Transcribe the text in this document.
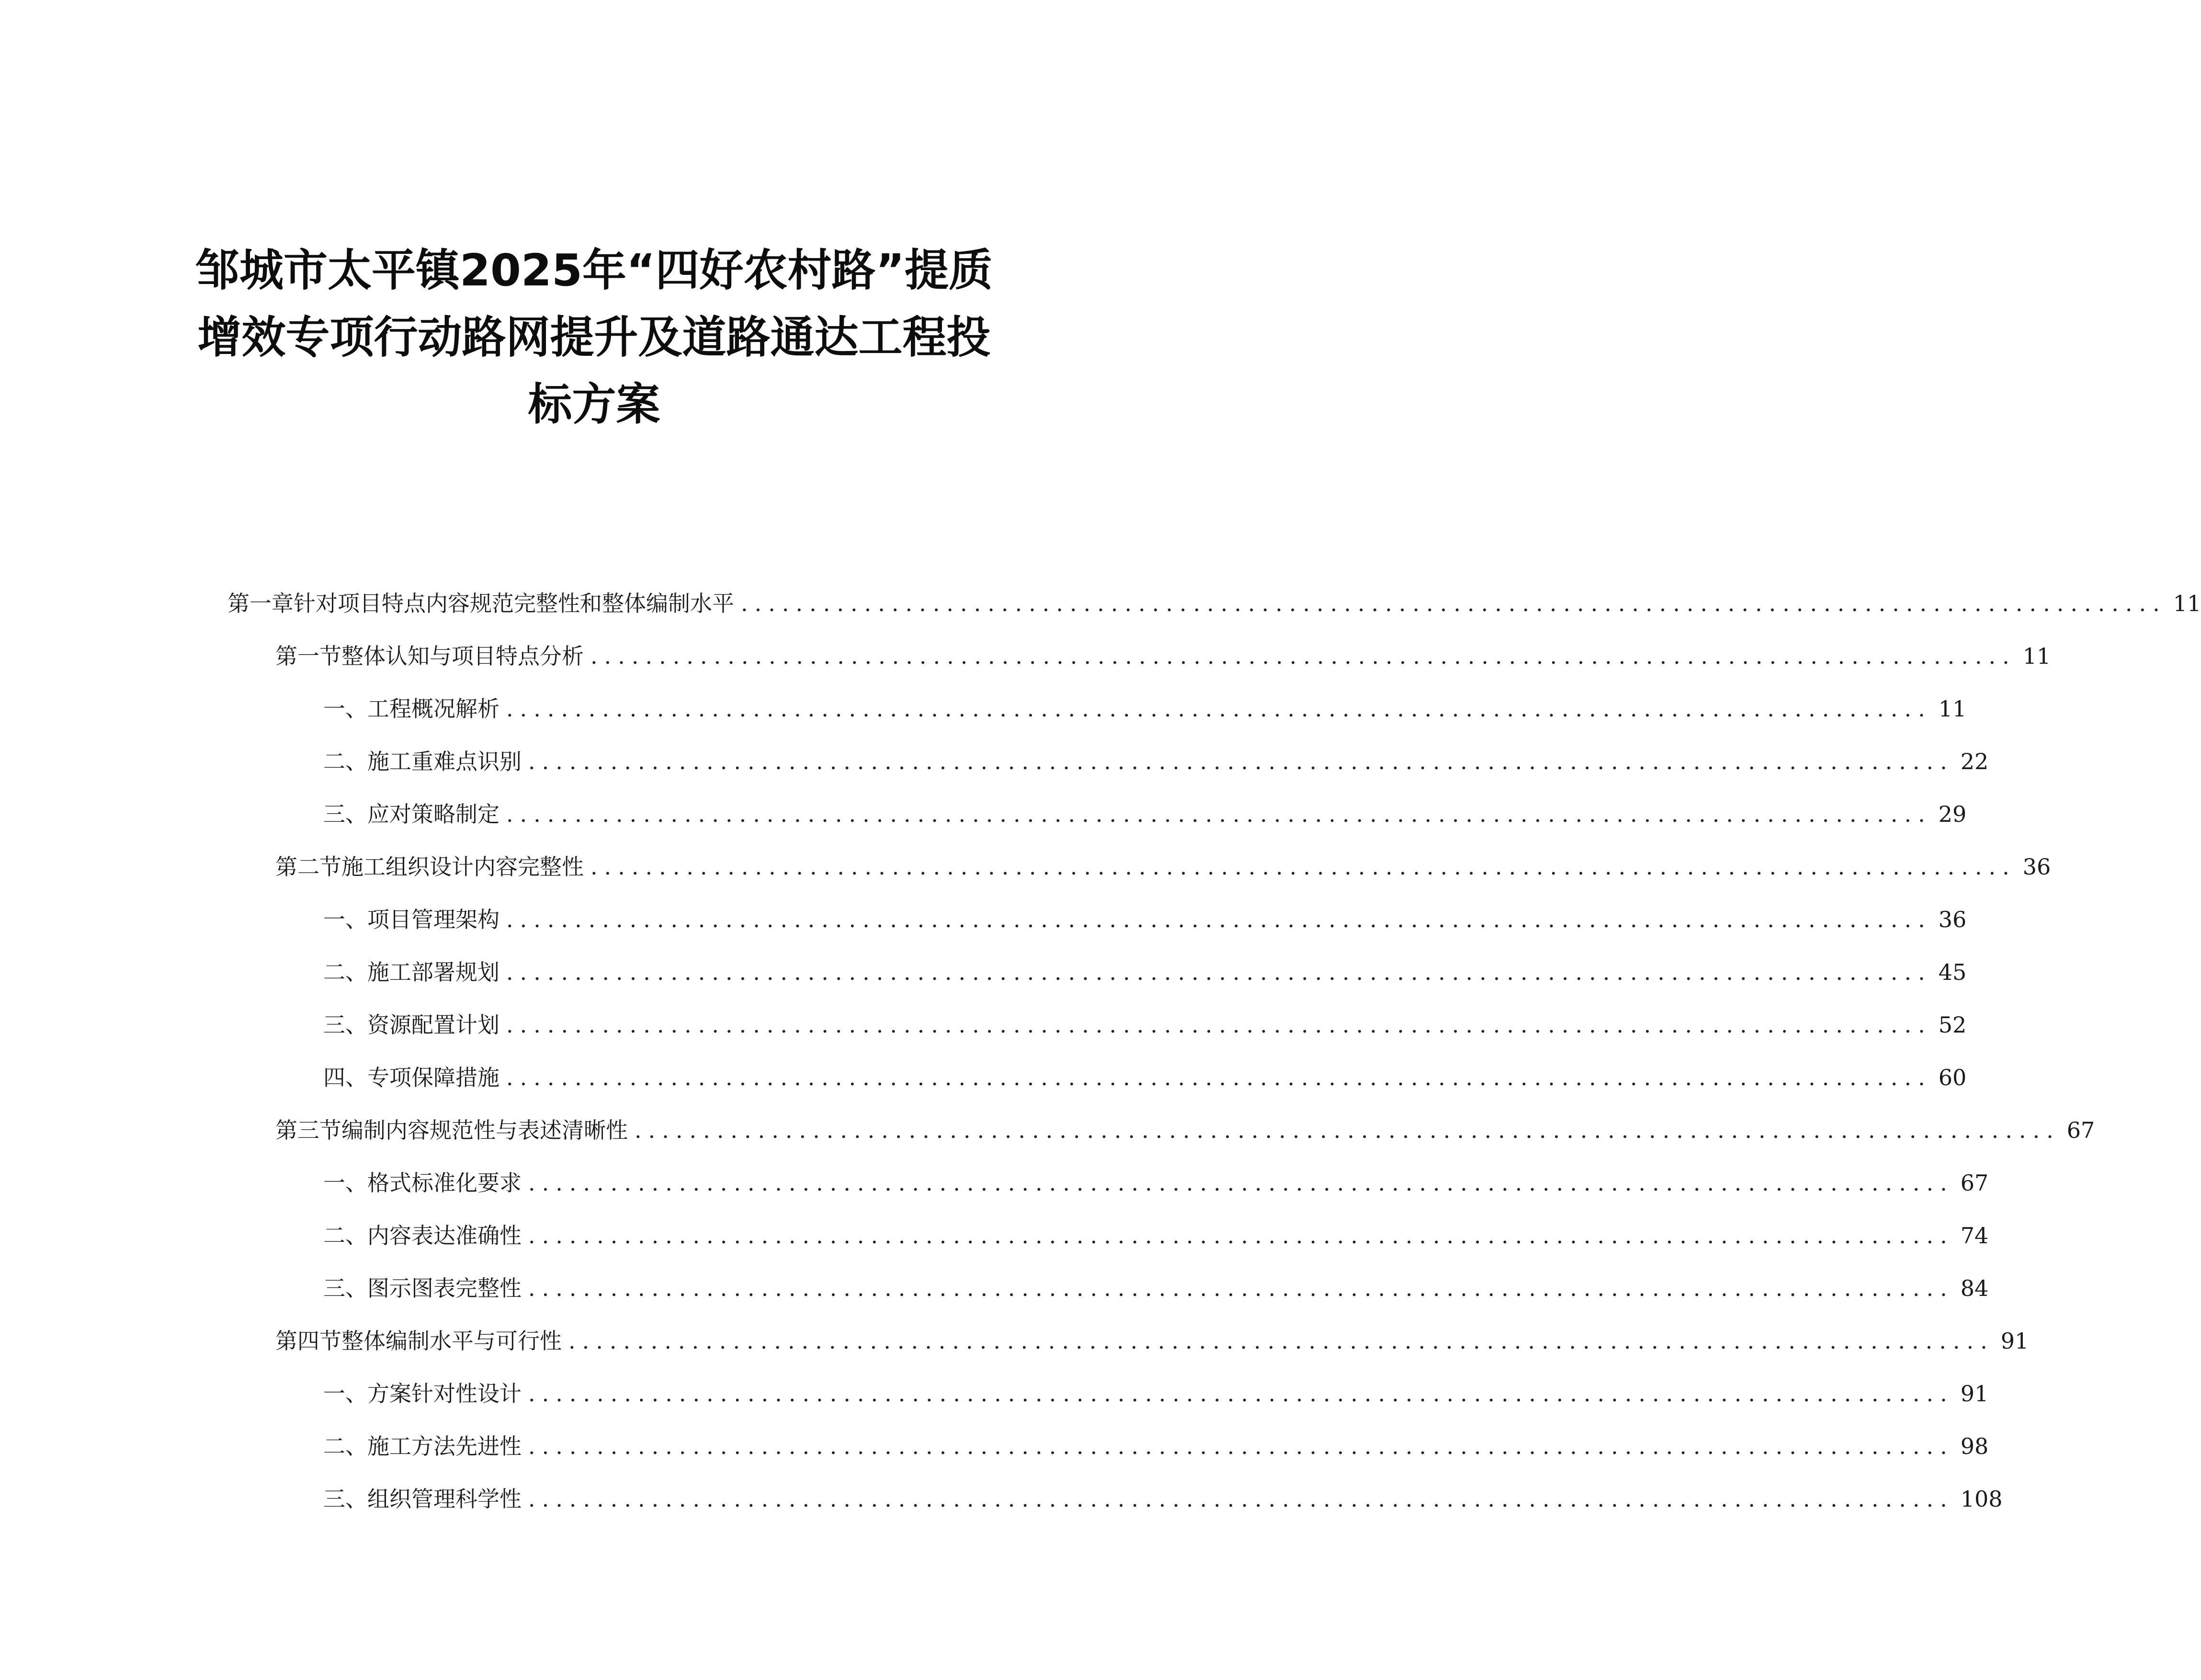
邹城市太平镇2025年“四好农村路”提质
增效专项行动路网提升及道路通达工程投
标方案
第一章 针对项目特点内容规范完整性和整体编制水平 ........................................................................................................ 11
第一节 整体认知与项目特点分析 ........................................................................................................ 11
一、 工程概况解析 ........................................................................................................ 11
二、 施工重难点识别 ........................................................................................................ 22
三、 应对策略制定 ........................................................................................................ 29
第二节 施工组织设计内容完整性 ........................................................................................................ 36
一、 项目管理架构 ........................................................................................................ 36
二、 施工部署规划 ........................................................................................................ 45
三、 资源配置计划 ........................................................................................................ 52
四、 专项保障措施 ........................................................................................................ 60
第三节 编制内容规范性与表述清晰性 ........................................................................................................ 67
一、 格式标准化要求 ........................................................................................................ 67
二、 内容表达准确性 ........................................................................................................ 74
三、 图示图表完整性 ........................................................................................................ 84
第四节 整体编制水平与可行性 ........................................................................................................ 91
一、 方案针对性设计 ........................................................................................................ 91
二、 施工方法先进性 ........................................................................................................ 98
三、 组织管理科学性 ........................................................................................................ 108
